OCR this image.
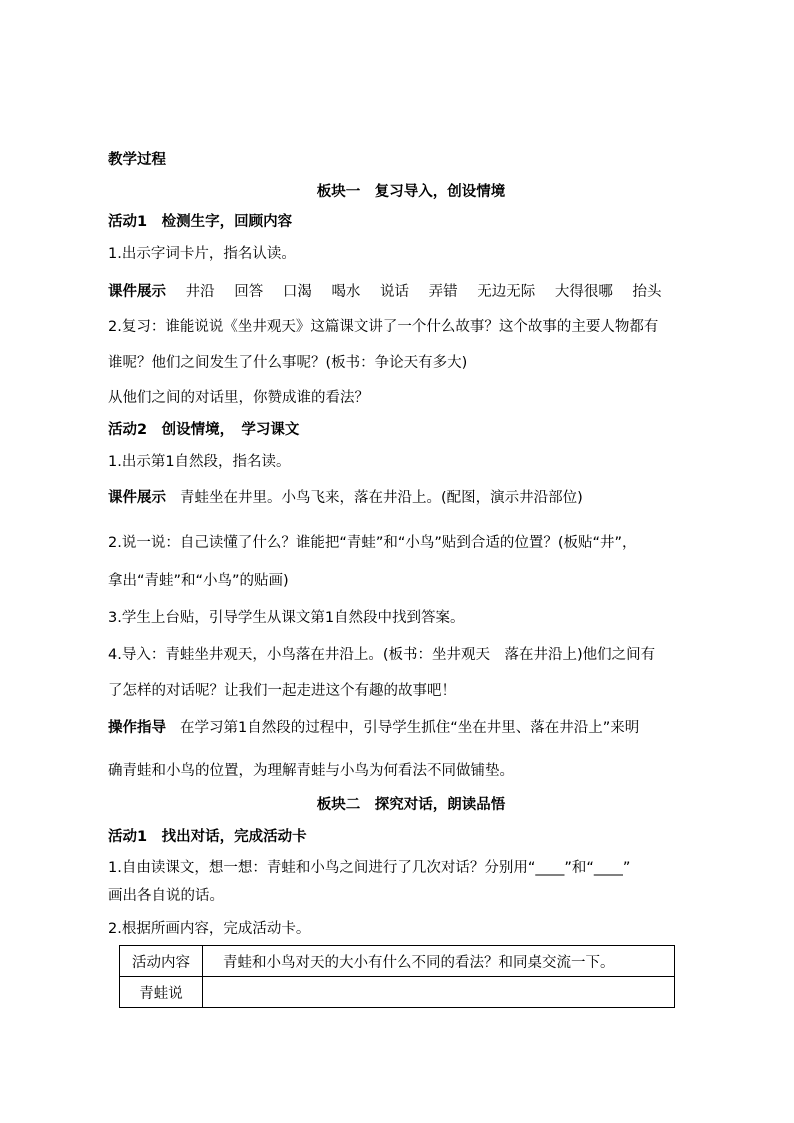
教学过程
板块一　复习导入，创设情境
活动1　检测生字，回顾内容
1.出示字词卡片，指名认读。
课件展示 井沿 回答 口渴 喝水 说话 弄错 无边无际 大得很哪 抬头
2.复习：谁能说说《坐井观天》这篇课文讲了一个什么故事？这个故事的主要人物都有
谁呢？他们之间发生了什么事呢？(板书：争论天有多大)
从他们之间的对话里，你赞成谁的看法？
活动2　创设情境，　学习课文
1.出示第1自然段，指名读。
课件展示 青蛙坐在井里。小鸟飞来，落在井沿上。(配图，演示井沿部位)
2.说一说：自己读懂了什么？谁能把“青蛙”和“小鸟”贴到合适的位置？(板贴“井”，
拿出“青蛙”和“小鸟”的贴画)
3.学生上台贴，引导学生从课文第1自然段中找到答案。
4.导入：青蛙坐井观天，小鸟落在井沿上。(板书：坐井观天　落在井沿上)他们之间有
了怎样的对话呢？让我们一起走进这个有趣的故事吧！
操作指导 在学习第1自然段的过程中，引导学生抓住“坐在井里、落在井沿上”来明
确青蛙和小鸟的位置，为理解青蛙与小鸟为何看法不同做铺垫。
板块二　探究对话，朗读品悟
活动1　找出对话，完成活动卡
1.自由读课文，想一想：青蛙和小鸟之间进行了几次对话？分别用“____”和“____”
画出各自说的话。
2.根据所画内容，完成活动卡。
活动内容	青蛙和小鸟对天的大小有什么不同的看法？和同桌交流一下。
青蛙说	
